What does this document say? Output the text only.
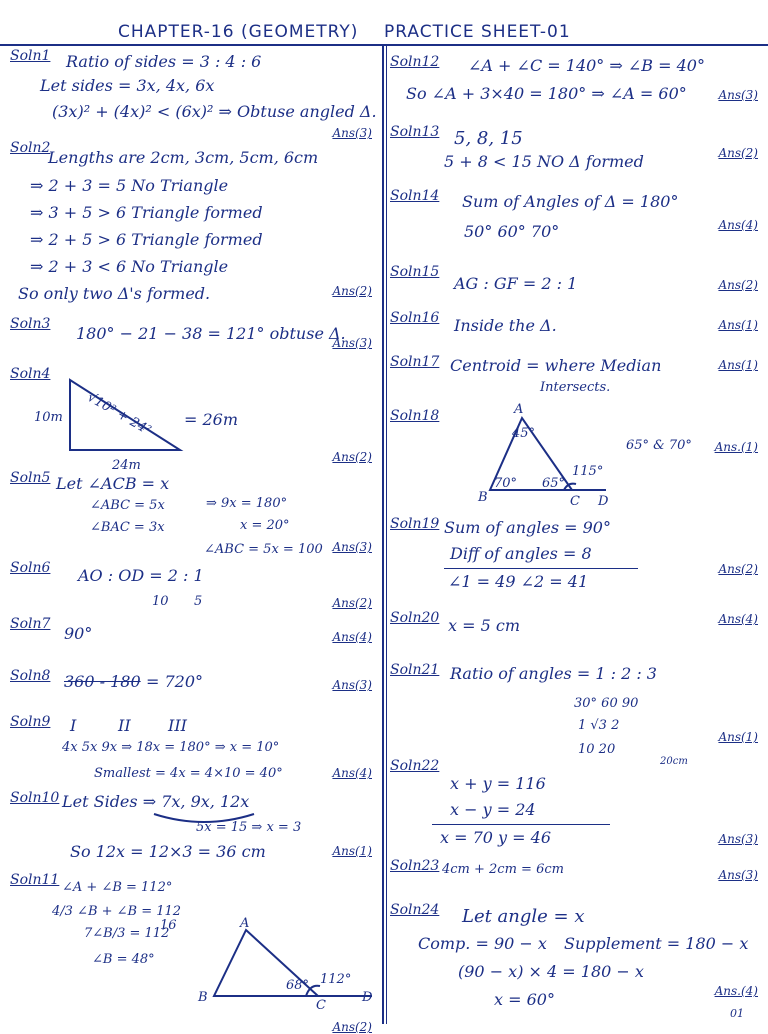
CHAPTER-16 (GEOMETRY) PRACTICE SHEET-01
Soln1 Ratio of sides = 3 : 4 : 6
Let sides = 3x, 4x, 6x
(3x)² + (4x)² < (6x)² ⇒ Obtuse angled Δ.
Ans(3)
Soln2
Lengths are 2cm, 3cm, 5cm, 6cm
⇒ 2 + 3 = 5 No Triangle
⇒ 3 + 5 > 6 Triangle formed
⇒ 2 + 5 > 6 Triangle formed
⇒ 2 + 3 < 6 No Triangle
So only two Δ's formed.	Ans(2)
Soln3 180° − 21 − 38 = 121° obtuse Δ.
Ans(3)
Soln4
10m
24m
√10² + 24² = 26m
Ans(2)
Soln5 Let ∠ACB = x
∠ABC = 5x	⇒ 9x = 180°
∠BAC = 3x	x = 20°
∠ABC = 5x = 100 Ans(3)
Soln6 AO : OD = 2 : 1
10 5	Ans(2)
Soln7 90°	Ans(4)
Soln8 360 - 180 = 720°	Ans(3)
Soln9 I	II III
4x 5x 9x ⇒ 18x = 180° ⇒ x = 10°
Smallest = 4x = 4×10 = 40°	Ans(4)
Soln10 Let Sides ⇒ 7x, 9x, 12x
5x = 15 ⇒ x = 3
So 12x = 12×3 = 36 cm	Ans(1)
Soln11 ∠A + ∠B = 112°
4/3 ∠B + ∠B = 112
7∠B/3 = 112
16
∠B = 48°
A
B
C
D
68° 112°
Ans(2)
Soln12 ∠A + ∠C = 140° ⇒ ∠B = 40°
So ∠A + 3×40 = 180° ⇒ ∠A = 60°	Ans(3)
Soln13 5, 8, 15
5 + 8 < 15 NO Δ formed	Ans(2)
Soln14 Sum of Angles of Δ = 180°
50° 60° 70°	Ans(4)
Soln15
AG : GF = 2 : 1	Ans(2)
Soln16 Inside the Δ.	Ans(1)
Soln17 Centroid = where Median
Intersects.
Ans(1)
Soln18	A
B	C D
45°
70° 65°
115°
65° & 70° Ans.(1)
Soln19 Sum of angles = 90°
Diff of angles = 8
∠1 = 49 ∠2 = 41
Ans(2)
Soln20 x = 5 cm	Ans(4)
Soln21 Ratio of angles = 1 : 2 : 3
30° 60 90
1 √3 2
10 20
20cm
Ans(1)
Soln22
x + y = 116
x − y = 24
x = 70 y = 46	Ans(3)
Soln23 4cm + 2cm = 6cm	Ans(3)
Soln24 Let angle = x
Comp. = 90 − x Supplement = 180 − x
(90 − x) × 4 = 180 − x
x = 60°	Ans.(4)
01
